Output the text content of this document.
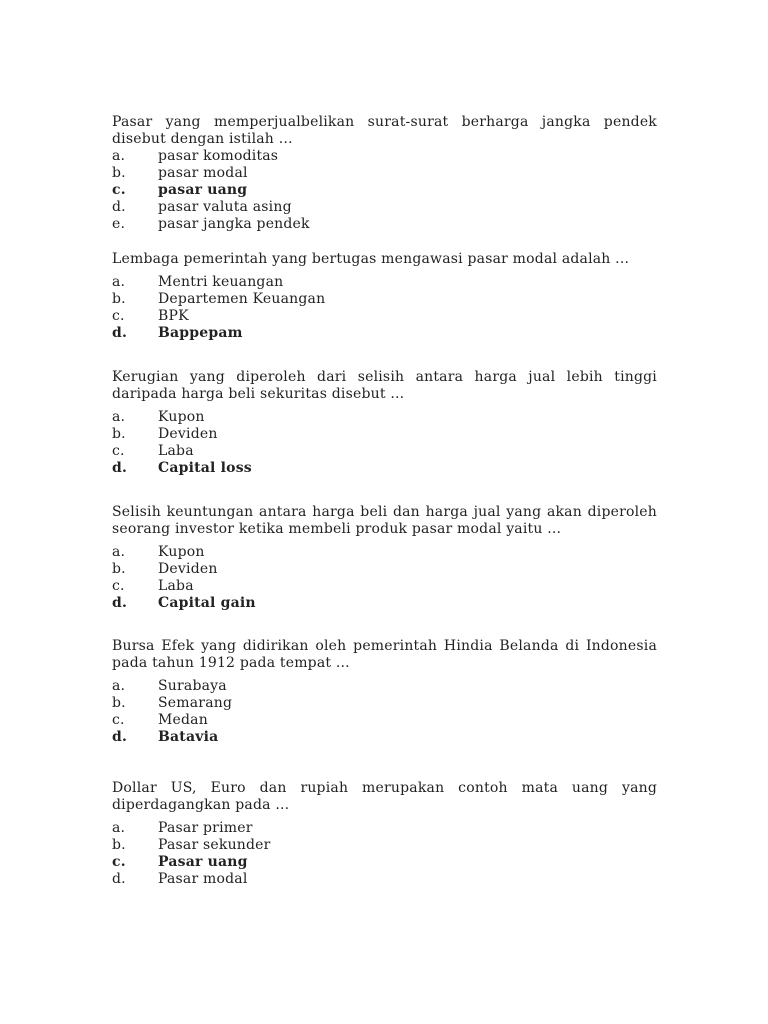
Pasar yang memperjualbelikan surat-surat berharga jangka pendek disebut dengan istilah …

a.	pasar komoditas
b.	pasar modal
c.	pasar uang
d.	pasar valuta asing
e.	pasar jangka pendek

Lembaga pemerintah yang bertugas mengawasi pasar modal adalah ...

a.	Mentri keuangan
b.	Departemen Keuangan
c.	BPK
d.	Bappepam

Kerugian yang diperoleh dari selisih antara harga jual lebih tinggi daripada harga beli sekuritas disebut ...

a.	Kupon
b.	Deviden
c.	Laba
d.	Capital loss

Selisih keuntungan antara harga beli dan harga jual yang akan diperoleh seorang investor ketika membeli produk pasar modal yaitu ...

a.	Kupon
b.	Deviden
c.	Laba
d.	Capital gain

Bursa Efek yang didirikan oleh pemerintah Hindia Belanda di Indonesia pada tahun 1912 pada tempat ...

a.	Surabaya
b.	Semarang
c.	Medan
d.	Batavia

Dollar US, Euro dan rupiah merupakan contoh mata uang yang diperdagangkan pada ...

a.	Pasar primer
b.	Pasar sekunder
c.	Pasar uang
d.	Pasar modal
